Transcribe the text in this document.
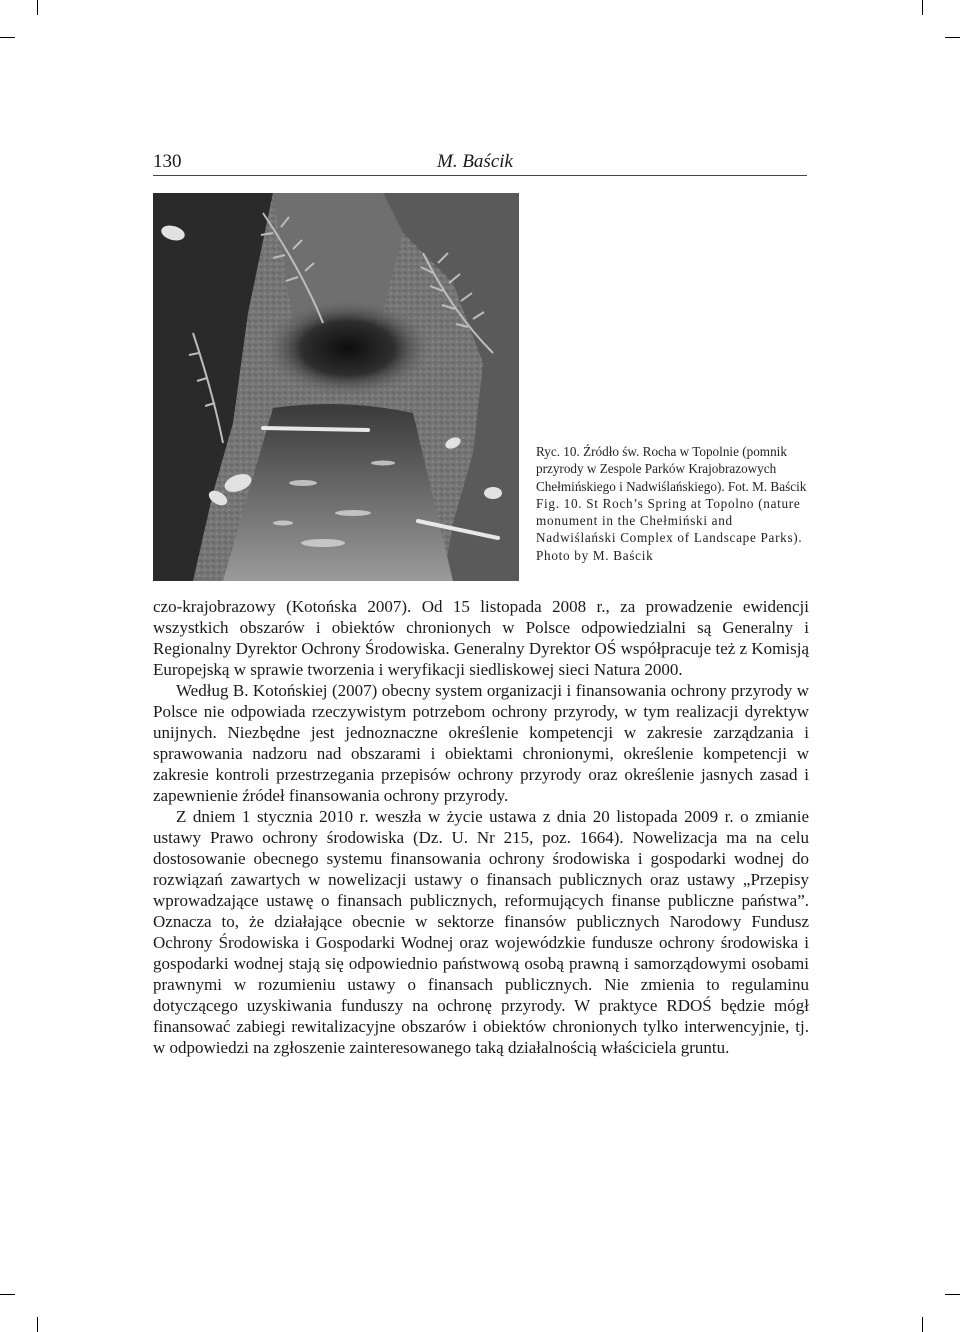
130	M. Baścik

Ryc. 10. Źródło św. Rocha w Topolnie (pomnik przyrody w Zespole Parków Krajobrazowych Chełmińskiego i Nadwiślańskiego). Fot. M. Baścik

Fig. 10. St Roch’s Spring at Topolno (nature monument in the Chełmiński and Nadwiślański Complex of Landscape Parks). Photo by M. Baścik

czo-krajobrazowy (Kotońska 2007). Od 15 listopada 2008 r., za prowadzenie ewidencji wszystkich obszarów i obiektów chronionych w Polsce odpowiedzialni są Generalny i Regionalny Dyrektor Ochrony Środowiska. Generalny Dyrektor OŚ współpracuje też z Komisją Europejską w sprawie tworzenia i weryfikacji siedliskowej sieci Natura 2000.

Według B. Kotońskiej (2007) obecny system organizacji i finansowania ochrony przyrody w Polsce nie odpowiada rzeczywistym potrzebom ochrony przyrody, w tym realizacji dyrektyw unijnych. Niezbędne jest jednoznaczne określenie kompetencji w zakresie zarządzania i sprawowania nadzoru nad obszarami i obiektami chronionymi, określenie kompetencji w zakresie kontroli przestrzegania przepisów ochrony przyrody oraz określenie jasnych zasad i zapewnienie źródeł finansowania ochrony przyrody.

Z dniem 1 stycznia 2010 r. weszła w życie ustawa z dnia 20 listopada 2009 r. o zmianie ustawy Prawo ochrony środowiska (Dz. U. Nr 215, poz. 1664). Nowelizacja ma na celu dostosowanie obecnego systemu finansowania ochrony środowiska i gospodarki wodnej do rozwiązań zawartych w nowelizacji ustawy o finansach publicznych oraz ustawy „Przepisy wprowadzające ustawę o finansach publicznych, reformujących finanse publiczne państwa”. Oznacza to, że działające obecnie w sektorze finansów publicznych Narodowy Fundusz Ochrony Środowiska i Gospodarki Wodnej oraz wojewódzkie fundusze ochrony środowiska i gospodarki wodnej stają się odpowiednio państwową osobą prawną i samorządowymi osobami prawnymi w rozumieniu ustawy o finansach publicznych. Nie zmienia to regulaminu dotyczącego uzyskiwania funduszy na ochronę przyrody. W praktyce RDOŚ będzie mógł finansować zabiegi rewitalizacyjne obszarów i obiektów chronionych tylko interwencyjnie, tj. w odpowiedzi na zgłoszenie zainteresowanego taką działalnością właściciela gruntu.
